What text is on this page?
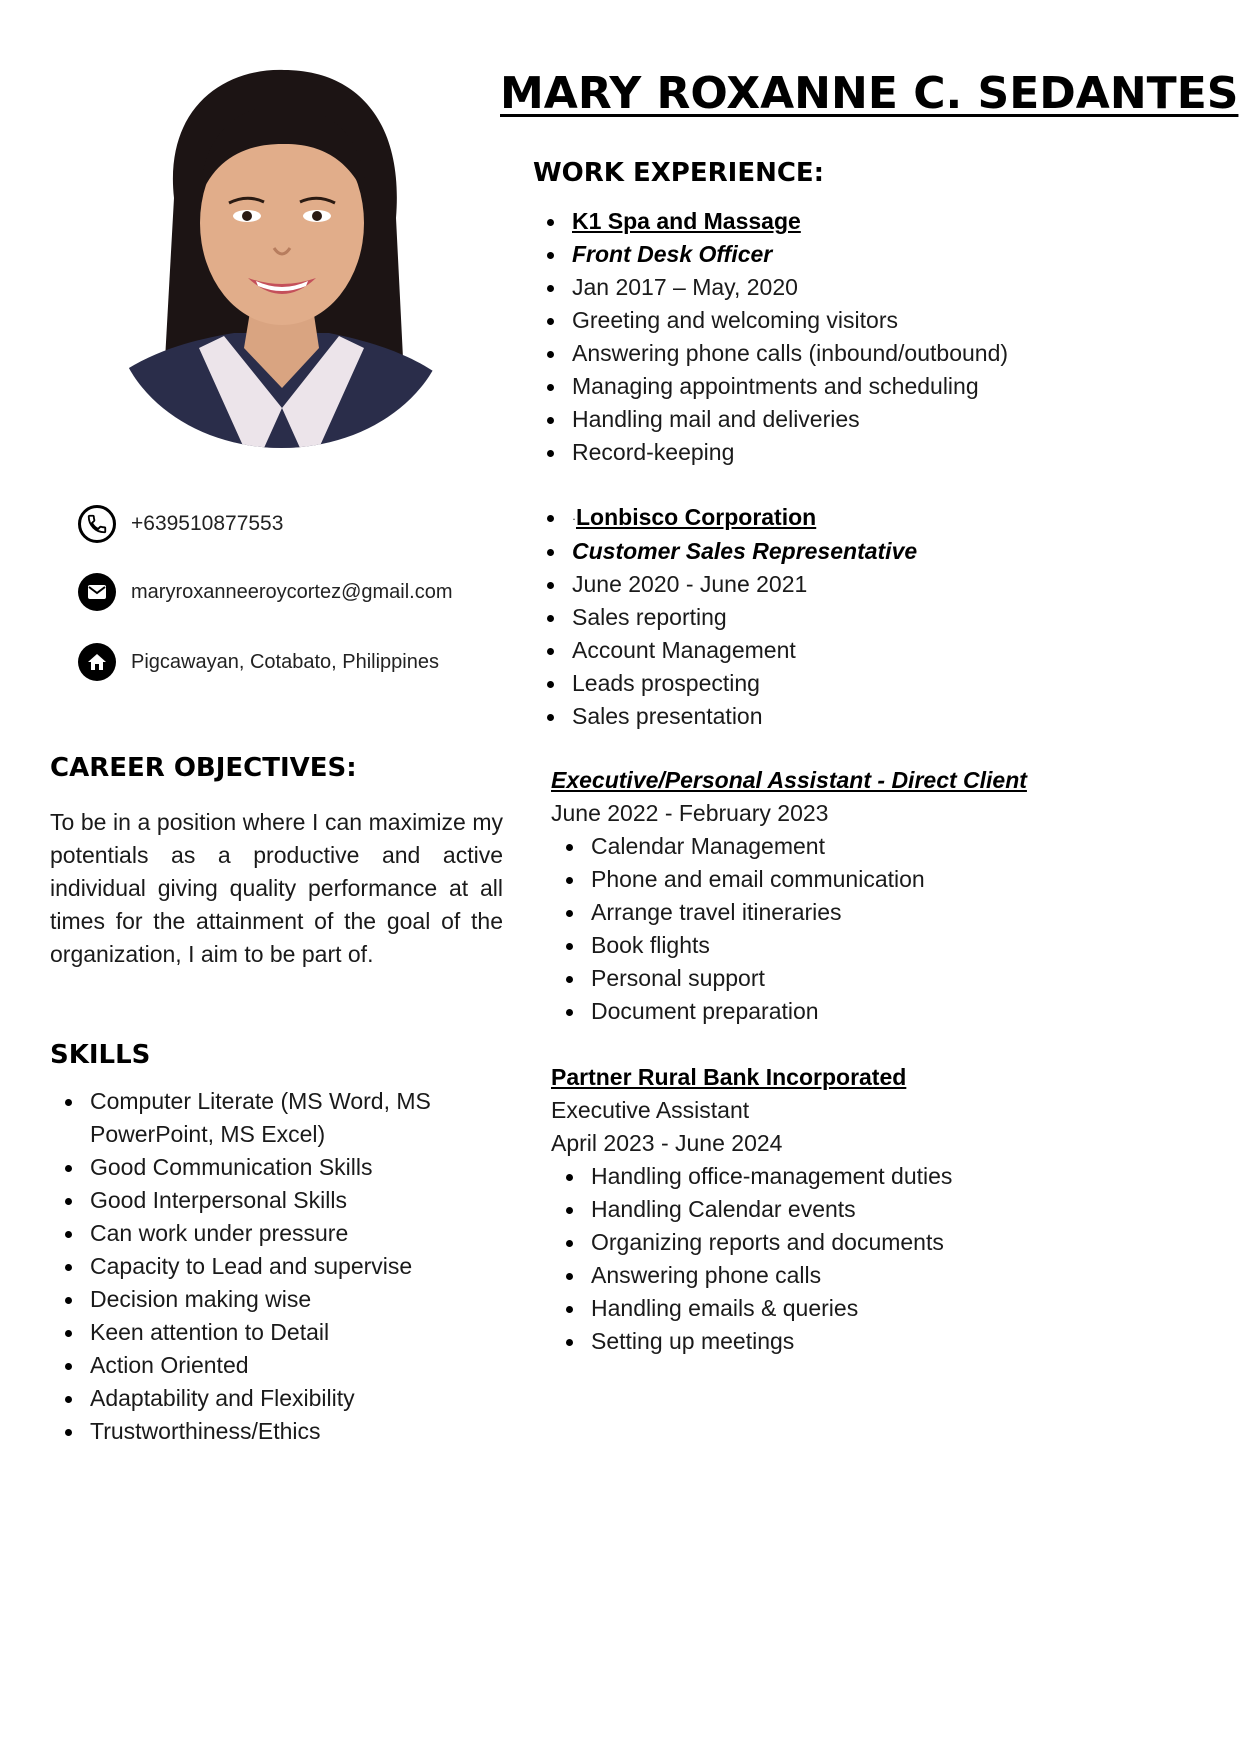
MARY ROXANNE C. SEDANTES
+639510877553
maryroxanneeroycortez@gmail.com
Pigcawayan, Cotabato, Philippines
CAREER OBJECTIVES:

To be in a position where I can maximize my potentials as a productive and active individual giving quality performance at all times for the attainment of the goal of the organization, I aim to be part of.

SKILLS
Computer Literate (MS Word, MS PowerPoint, MS Excel)
Good Communication Skills
Good Interpersonal Skills
Can work under pressure
Capacity to Lead and supervise
Decision making wise
Keen attention to Detail
Action Oriented
Adaptability and Flexibility
Trustworthiness/Ethics
WORK EXPERIENCE:
K1 Spa and Massage
Front Desk Officer
Jan 2017 – May, 2020
Greeting and welcoming visitors
Answering phone calls (inbound/outbound)
Managing appointments and scheduling
Handling mail and deliveries
Record-keeping
·Lonbisco Corporation
Customer Sales Representative
June 2020 - June 2021
Sales reporting
Account Management
Leads prospecting
Sales presentation
Executive/Personal Assistant - Direct Client
June 2022 - February 2023
Calendar Management
Phone and email communication
Arrange travel itineraries
Book flights
Personal support
Document preparation
Partner Rural Bank Incorporated
Executive Assistant
April 2023 - June 2024
Handling office-management duties
Handling Calendar events
Organizing reports and documents
Answering phone calls
Handling emails & queries
Setting up meetings
